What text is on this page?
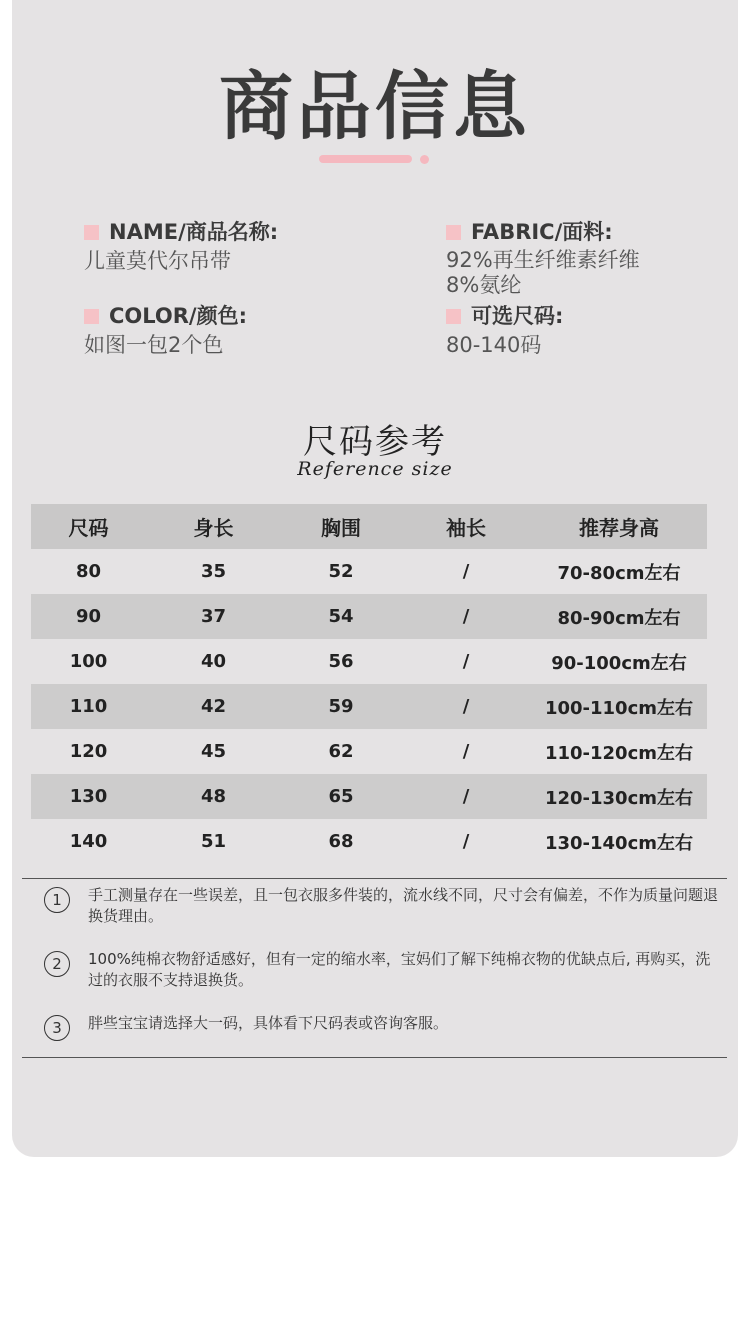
商品信息
NAME/商品名称:
儿童莫代尔吊带
FABRIC/面料:
92%再生纤维素纤维
8%氨纶
COLOR/颜色:
如图一包2个色
可选尺码:
80-140码
尺码参考
Reference size
尺码	身长	胸围	袖长	推荐身高
80	35	52	/	70-80cm左右
90	37	54	/	80-90cm左右
100	40	56	/	90-100cm左右
110	42	59	/	100-110cm左右
120	45	62	/	110-120cm左右
130	48	65	/	120-130cm左右
140	51	68	/	130-140cm左右
1	手工测量存在一些误差，且一包衣服多件装的，流水线不同，尺寸会有偏差，不作为质量问题退换货理由。
2	100%纯棉衣物舒适感好，但有一定的缩水率，宝妈们了解下纯棉衣物的优缺点后, 再购买，洗过的衣服不支持退换货。
3	胖些宝宝请选择大一码，具体看下尺码表或咨询客服。
